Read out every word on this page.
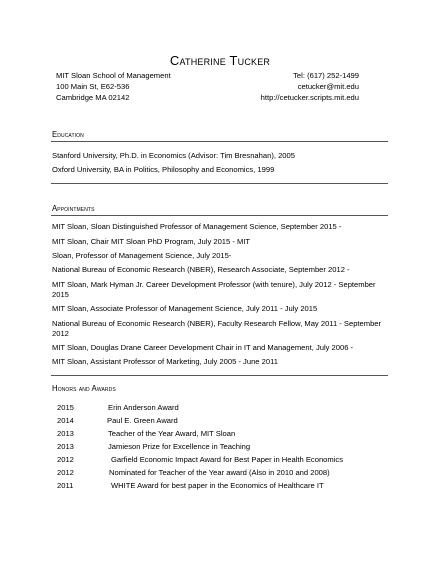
Catherine Tucker
MIT Sloan School of Management
100 Main St, E62-536
Cambridge MA 02142
Tel: (617) 252-1499
cetucker@mit.edu
http://cetucker.scripts.mit.edu
Education
Stanford University, Ph.D. in Economics (Advisor: Tim Bresnahan), 2005
Oxford University, BA in Politics, Philosophy and Economics, 1999
Appointments
MIT Sloan, Sloan Distinguished Professor of Management Science, September 2015 -
MIT Sloan, Chair MIT Sloan PhD Program, July 2015 - MIT
Sloan, Professor of Management Science, July 2015-
National Bureau of Economic Research (NBER), Research Associate, September 2012 -
MIT Sloan, Mark Hyman Jr. Career Development Professor (with tenure), July 2012 - September 2015
MIT Sloan, Associate Professor of Management Science, July 2011 - July 2015
National Bureau of Economic Research (NBER), Faculty Research Fellow, May 2011 - September 2012
MIT Sloan, Douglas Drane Career Development Chair in IT and Management, July 2006 -
MIT Sloan, Assistant Professor of Marketing, July 2005 - June 2011
Honors and Awards
2015	Erin Anderson Award
2014	Paul E. Green Award
2013	Teacher of the Year Award, MIT Sloan
2013	Jamieson Prize for Excellence in Teaching
2012	Garfield Economic Impact Award for Best Paper in Health Economics
2012	Nominated for Teacher of the Year award (Also in 2010 and 2008)
2011	WHITE Award for best paper in the Economics of Healthcare IT
